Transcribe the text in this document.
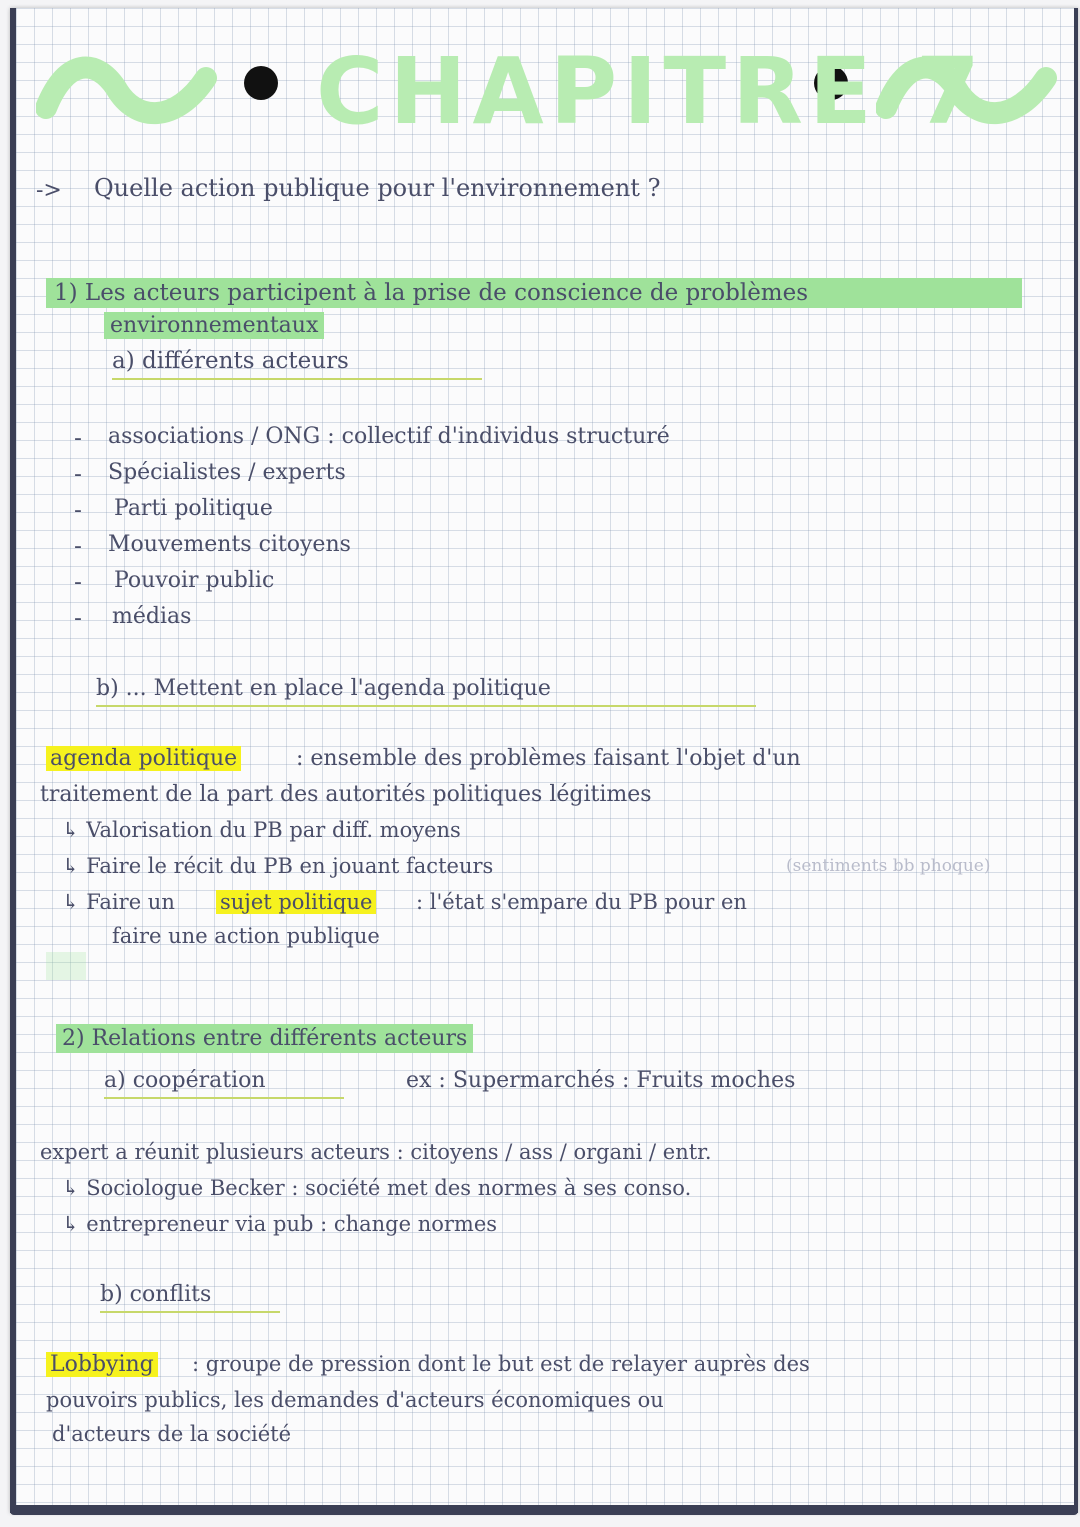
CHAPITRE 7
-> Quelle action publique pour l'environnement ?
1) Les acteurs participent à la prise de conscience de problèmes
environnementaux
a) différents acteurs
- associations / ONG : collectif d'individus structuré
- Spécialistes / experts
- Parti politique
- Mouvements citoyens
- Pouvoir public
- médias
b) ... Mettent en place l'agenda politique
agenda politique	: ensemble des problèmes faisant l'objet d'un
traitement de la part des autorités politiques légitimes
↳ Valorisation du PB par diff. moyens
↳ Faire le récit du PB en jouant facteurs	(sentiments bb phoque)
↳ Faire un sujet politique : l'état s'empare du PB pour en
faire une action publique
2) Relations entre différents acteurs
a) coopération	ex : Supermarchés : Fruits moches
expert a réunit plusieurs acteurs : citoyens / ass / organi / entr.
↳ Sociologue Becker : société met des normes à ses conso.
↳ entrepreneur via pub : change normes
b) conflits
Lobbying : groupe de pression dont le but est de relayer auprès des
pouvoirs publics, les demandes d'acteurs économiques ou
d'acteurs de la société
